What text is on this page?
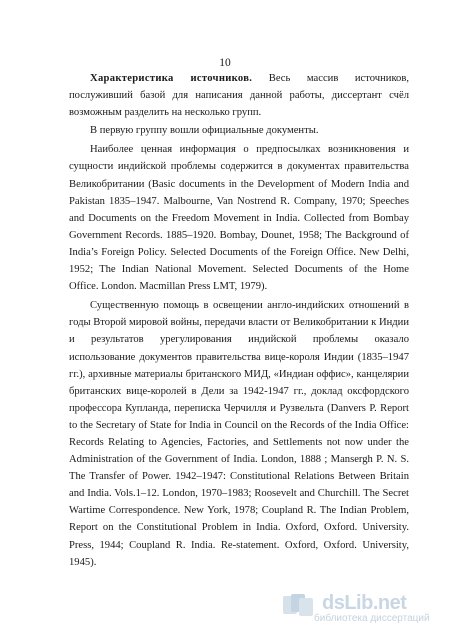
10

Характеристика источников. Весь массив источников, послуживший базой для написания данной работы, диссертант счёл возможным разделить на несколько групп.

В первую группу вошли официальные документы.

Наиболее ценная информация о предпосылках возникновения и сущности индийской проблемы содержится в документах правительства Великобритании (Basic documents in the Development of Modern India and Pakistan 1835–1947. Malbourne, Van Nostrend R. Company, 1970; Speeches and Documents on the Freedom Movement in India. Collected from Bombay Government Records. 1885–1920. Bombay, Dounet, 1958; The Background of India’s Foreign Policy. Selected Documents of the Foreign Office. New Delhi, 1952; The Indian National Movement. Selected Documents of the Home Office. London. Macmillan Press LMT, 1979).

Существенную помощь в освещении англо-индийских отношений в годы Второй мировой войны, передачи власти от Великобритании к Индии и результатов урегулирования индийской проблемы оказало использование документов правительства вице-короля Индии (1835–1947 гг.), архивные материалы британского МИД, «Индиан оффис», канцелярии британских вице-королей в Дели за 1942-1947 гг., доклад оксфордского профессора Купланда, переписка Черчилля и Рузвельта (Danvers P. Report to the Secretary of State for India in Council on the Records of the India Office: Records Relating to Agencies, Factories, and Settlements not now under the Administration of the Government of India. London, 1888 ; Mansergh P. N. S. The Transfer of Power. 1942–1947: Constitutional Relations Between Britain and India. Vols.1–12. London, 1970–1983; Roosevelt and Churchill. The Secret Wartime Correspondence. New York, 1978; Coupland R. The Indian Problem, Report on the Constitutional Problem in India. Oxford, Oxford. University. Press, 1944; Coupland R. India. Re-statement. Oxford, Oxford. University, 1945).

dsLib.net
библиотека диссертаций
